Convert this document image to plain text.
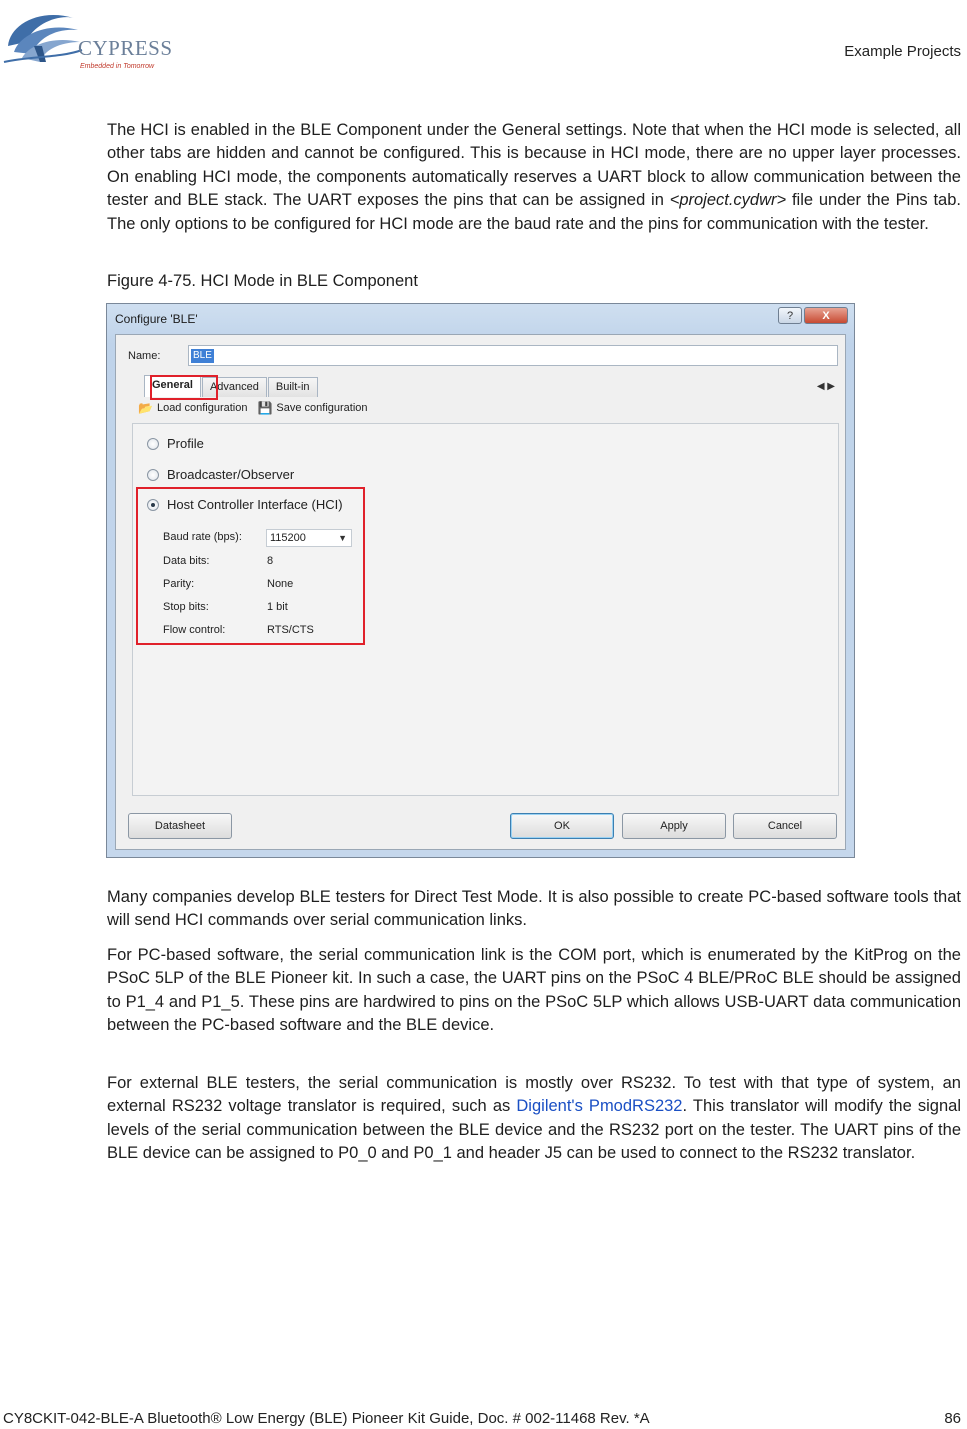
CYPRESS
Embedded in Tomorrow
Example Projects
The HCI is enabled in the BLE Component under the General settings. Note that when the HCI mode is selected, all other tabs are hidden and cannot be configured. This is because in HCI mode, there are no upper layer processes. On enabling HCI mode, the components automatically reserves a UART block to allow communication between the tester and BLE stack. The UART exposes the pins that can be assigned in <project.cydwr> file under the Pins tab. The only options to be configured for HCI mode are the baud rate and the pins for communication with the tester.
Figure 4-75. HCI Mode in BLE Component
Configure 'BLE'	?	X
Name:	BLE
General	Advanced	Built-in	◀ ▶
📂 Load configuration 💾 Save configuration
Profile
Broadcaster/Observer
Host Controller Interface (HCI)
Baud rate (bps):	115200	▼
Data bits:	8
Parity:	None
Stop bits:	1 bit
Flow control:	RTS/CTS
Datasheet	OK	Apply	Cancel
Many companies develop BLE testers for Direct Test Mode. It is also possible to create PC-based software tools that will send HCI commands over serial communication links.
For PC-based software, the serial communication link is the COM port, which is enumerated by the KitProg on the PSoC 5LP of the BLE Pioneer kit. In such a case, the UART pins on the PSoC 4 BLE/PRoC BLE should be assigned to P1_4 and P1_5. These pins are hardwired to pins on the PSoC 5LP which allows USB-UART data communication between the PC-based software and the BLE device.
For external BLE testers, the serial communication is mostly over RS232. To test with that type of system, an external RS232 voltage translator is required, such as Digilent's PmodRS232. This translator will modify the signal levels of the serial communication between the BLE device and the RS232 port on the tester. The UART pins of the BLE device can be assigned to P0_0 and P0_1 and header J5 can be used to connect to the RS232 translator.
CY8CKIT-042-BLE-A Bluetooth® Low Energy (BLE) Pioneer Kit Guide, Doc. # 002-11468 Rev. *A	86
